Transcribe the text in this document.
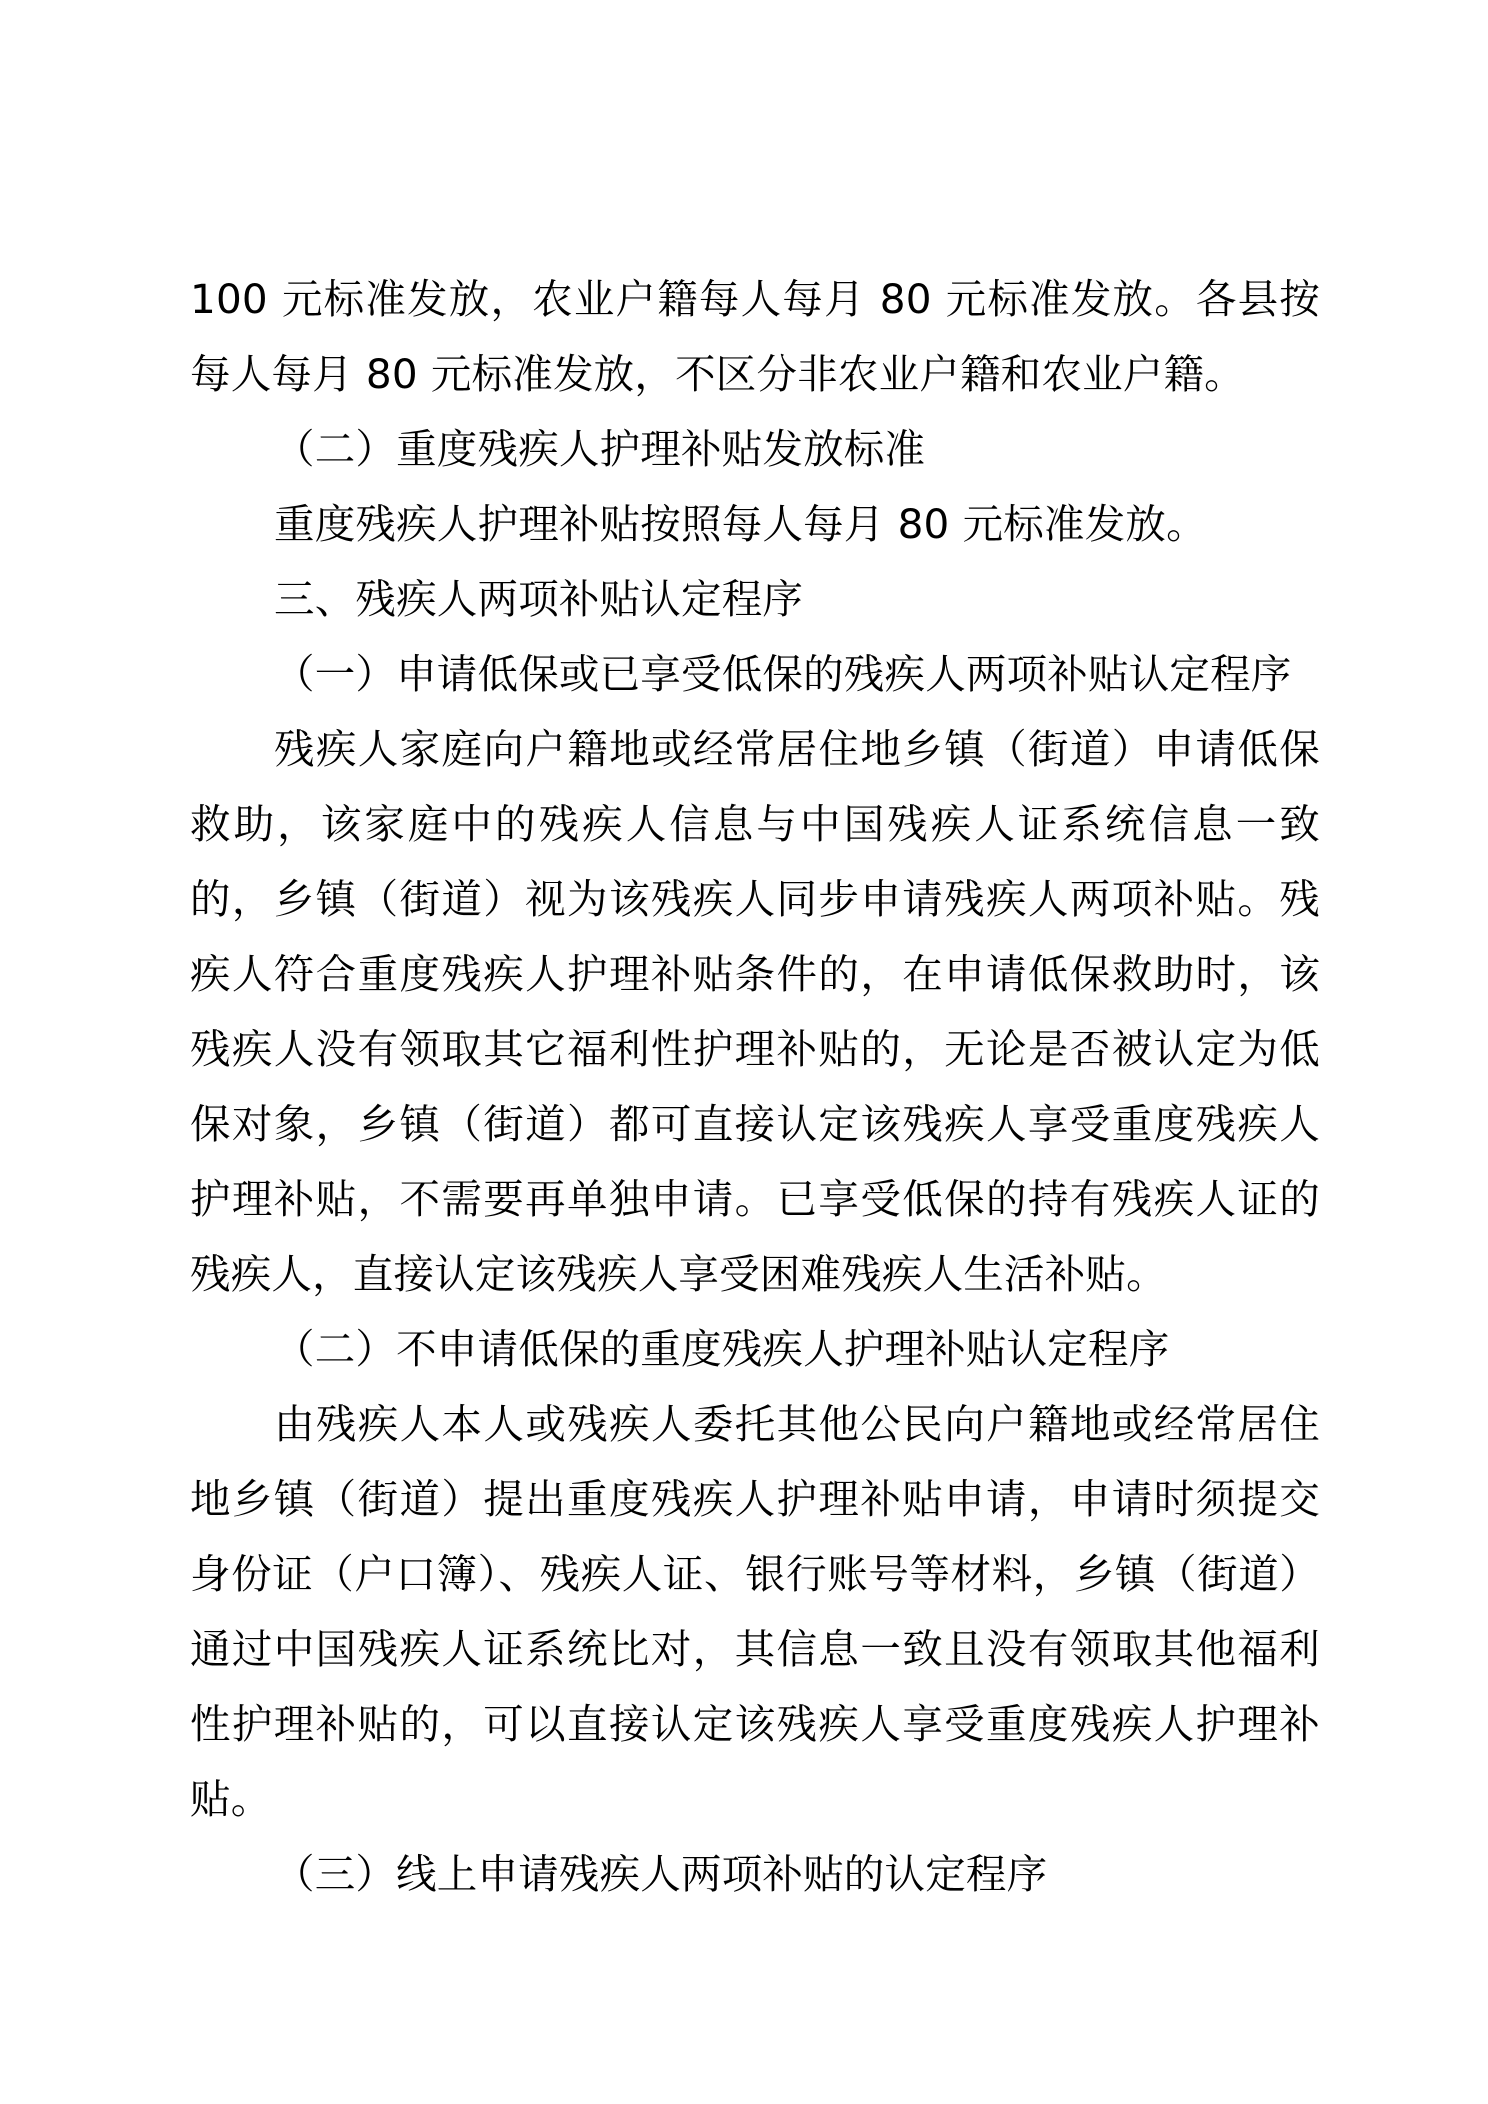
100 元标准发放，农业户籍每人每月 80 元标准发放。各县按每人每月 80 元标准发放，不区分非农业户籍和农业户籍。

（二）重度残疾人护理补贴发放标准

重度残疾人护理补贴按照每人每月 80 元标准发放。

三、残疾人两项补贴认定程序

（一）申请低保或已享受低保的残疾人两项补贴认定程序

残疾人家庭向户籍地或经常居住地乡镇（街道）申请低保救助，该家庭中的残疾人信息与中国残疾人证系统信息一致的，乡镇（街道）视为该残疾人同步申请残疾人两项补贴。残疾人符合重度残疾人护理补贴条件的，在申请低保救助时，该残疾人没有领取其它福利性护理补贴的，无论是否被认定为低保对象，乡镇（街道）都可直接认定该残疾人享受重度残疾人护理补贴，不需要再单独申请。已享受低保的持有残疾人证的残疾人，直接认定该残疾人享受困难残疾人生活补贴。

（二）不申请低保的重度残疾人护理补贴认定程序

由残疾人本人或残疾人委托其他公民向户籍地或经常居住地乡镇（街道）提出重度残疾人护理补贴申请，申请时须提交身份证（户口簿）、残疾人证、银行账号等材料，乡镇（街道）通过中国残疾人证系统比对，其信息一致且没有领取其他福利性护理补贴的，可以直接认定该残疾人享受重度残疾人护理补贴。

（三）线上申请残疾人两项补贴的认定程序
